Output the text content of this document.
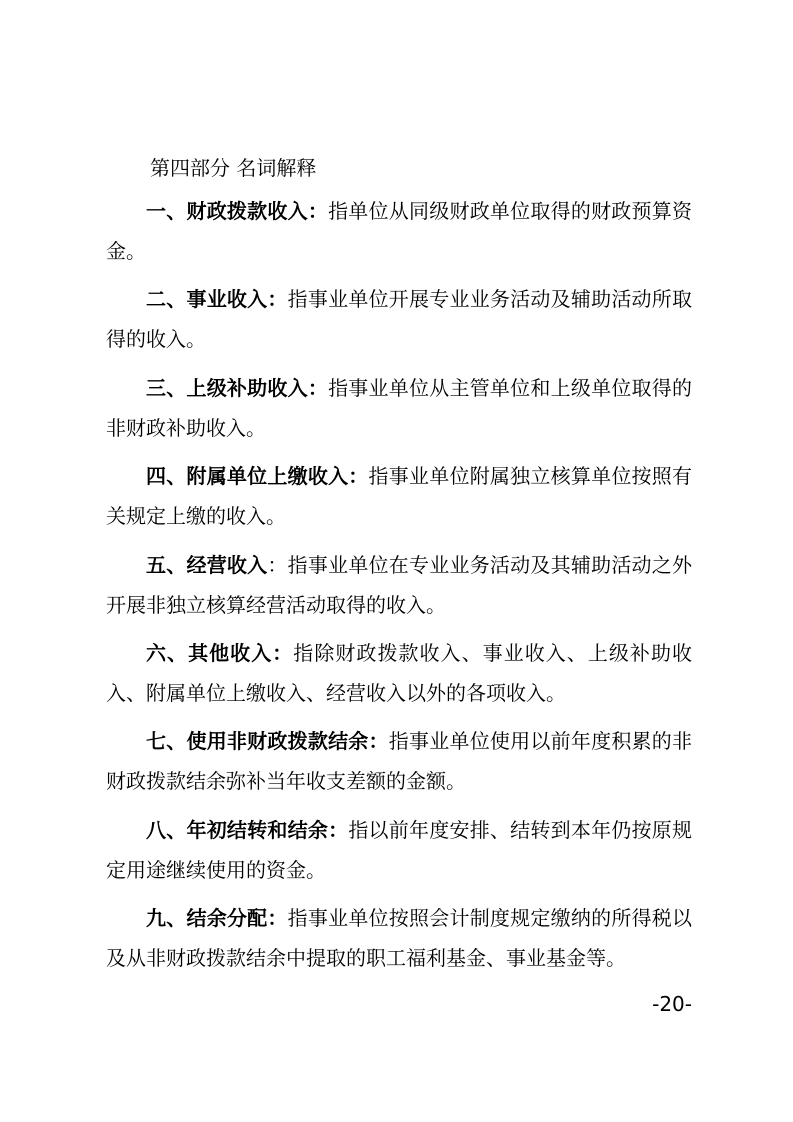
第四部分 名词解释

一、财政拨款收入：指单位从同级财政单位取得的财政预算资金。

二、事业收入：指事业单位开展专业业务活动及辅助活动所取得的收入。

三、上级补助收入：指事业单位从主管单位和上级单位取得的非财政补助收入。

四、附属单位上缴收入：指事业单位附属独立核算单位按照有关规定上缴的收入。

五、经营收入：指事业单位在专业业务活动及其辅助活动之外开展非独立核算经营活动取得的收入。

六、其他收入：指除财政拨款收入、事业收入、上级补助收入、附属单位上缴收入、经营收入以外的各项收入。

七、使用非财政拨款结余：指事业单位使用以前年度积累的非财政拨款结余弥补当年收支差额的金额。

八、年初结转和结余：指以前年度安排、结转到本年仍按原规定用途继续使用的资金。

九、结余分配：指事业单位按照会计制度规定缴纳的所得税以及从非财政拨款结余中提取的职工福利基金、事业基金等。

-20-
